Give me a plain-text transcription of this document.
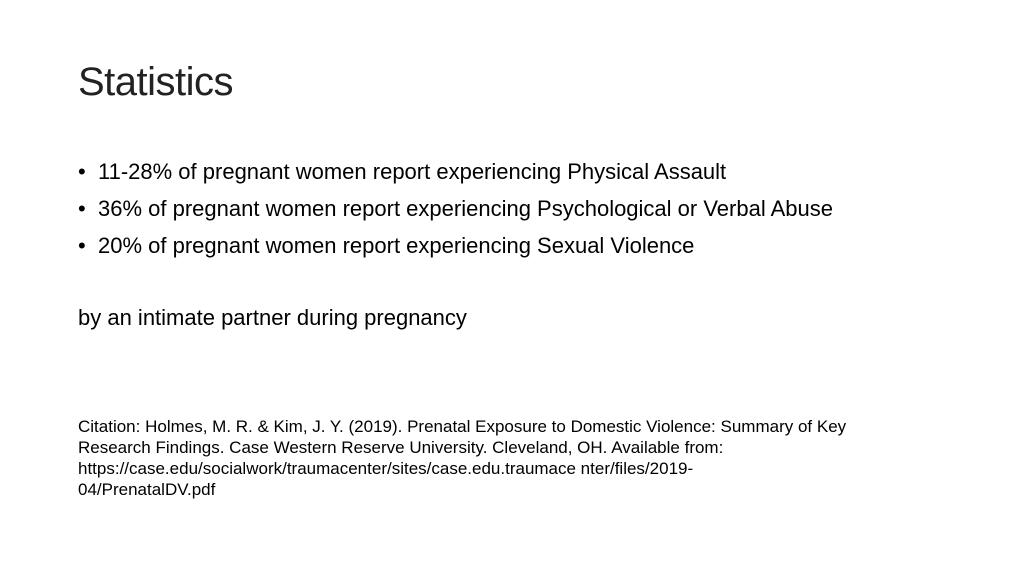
Statistics
• 11-28% of pregnant women report experiencing Physical Assault
• 36% of pregnant women report experiencing Psychological or Verbal Abuse
• 20% of pregnant women report experiencing Sexual Violence

by an intimate partner during pregnancy

Citation: Holmes, M. R. & Kim, J. Y. (2019). Prenatal Exposure to Domestic Violence: Summary of Key
Research Findings. Case Western Reserve University. Cleveland, OH. Available from:
https://case.edu/socialwork/traumacenter/sites/case.edu.traumace nter/files/2019-
04/PrenatalDV.pdf
